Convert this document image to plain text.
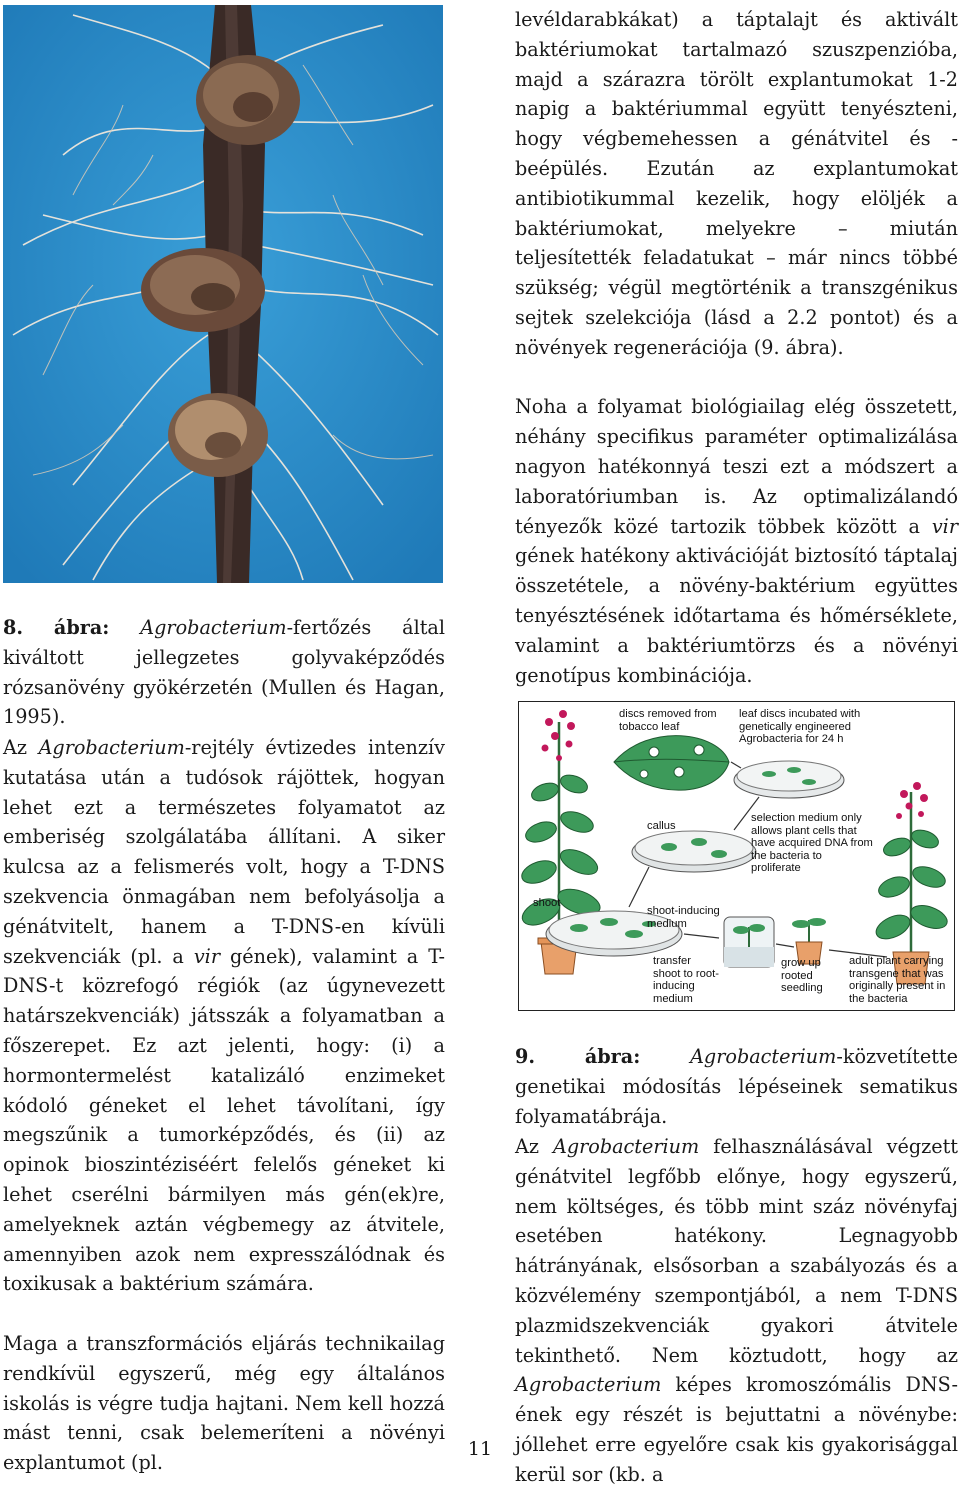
8. ábra: Agrobacterium-fertőzés által kiváltott jellegzetes golyvaképződés rózsanövény gyökérzetén (Mullen és Hagan, 1995).

Az Agrobacterium-rejtély évtizedes intenzív kutatása után a tudósok rájöttek, hogyan lehet ezt a természetes folyamatot az emberiség szolgálatába állítani. A siker kulcsa az a felismerés volt, hogy a T-DNS szekvencia önmagában nem befolyásolja a génátvitelt, hanem a T-DNS-en kívüli szekvenciák (pl. a vir gének), valamint a T-DNS-t közrefogó régiók (az úgynevezett határszekvenciák) játsszák a folyamatban a főszerepet. Ez azt jelenti, hogy: (i) a hormontermelést katalizáló enzimeket kódoló géneket el lehet távolítani, így megszűnik a tumorképződés, és (ii) az opinok bioszintéziséért felelős géneket ki lehet cserélni bármilyen más gén(ek)re, amelyeknek aztán végbemegy az átvitele, amennyiben azok nem expresszálódnak és toxikusak a baktérium számára.

Maga a transzformációs eljárás technikailag rendkívül egyszerű, még egy általános iskolás is végre tudja hajtani. Nem kell hozzá mást tenni, csak belemeríteni a növényi explantumot (pl.

levéldarabkákat) a táptalajt és aktivált baktériumokat tartalmazó szuszpenzióba, majd a szárazra törölt explantumokat 1-2 napig a baktériummal együtt tenyészteni, hogy végbemehessen a génátvitel és -beépülés. Ezután az explantumokat antibiotikummal kezelik, hogy elöljék a baktériumokat, melyekre – miután teljesítették feladatukat – már nincs többé szükség; végül megtörténik a transzgénikus sejtek szelekciója (lásd a 2.2 pontot) és a növények regenerációja (9. ábra).

Noha a folyamat biológiailag elég összetett, néhány specifikus paraméter optimalizálása nagyon hatékonnyá teszi ezt a módszert a laboratóriumban is. Az optimalizálandó tényezők közé tartozik többek között a vir gének hatékony aktivációját biztosító táptalaj összetétele, a növény-baktérium együttes tenyésztésének időtartama és hőmérséklete, valamint a baktériumtörzs és a növényi genotípus kombinációja.

discs removed from
tobacco leaf
leaf discs incubated with
genetically engineered
Agrobacteria for 24 h
callus
selection medium only
allows plant cells that
have acquired DNA from
the bacteria to
proliferate
shoot
shoot-inducing
medium
transfer
shoot to root-
inducing
medium
grow up
rooted
seedling
adult plant carrying
transgene that was
originally present in
the bacteria

9.	ábra:	Agrobacterium-közvetítette genetikai módosítás lépéseinek sematikus folyamatábrája.

Az Agrobacterium felhasználásával végzett génátvitel legfőbb előnye, hogy egyszerű, nem költséges, és több mint száz növényfaj esetében hatékony. Legnagyobb hátrányának, elsősorban a szabályozás és a közvélemény szempontjából, a nem T-DNS plazmidszekvenciák gyakori átvitele tekinthető. Nem köztudott, hogy az Agrobacterium képes kromoszómális DNS-ének egy részét is bejuttatni a növénybe: jóllehet erre egyelőre csak kis gyakorisággal kerül sor (kb. a

11
